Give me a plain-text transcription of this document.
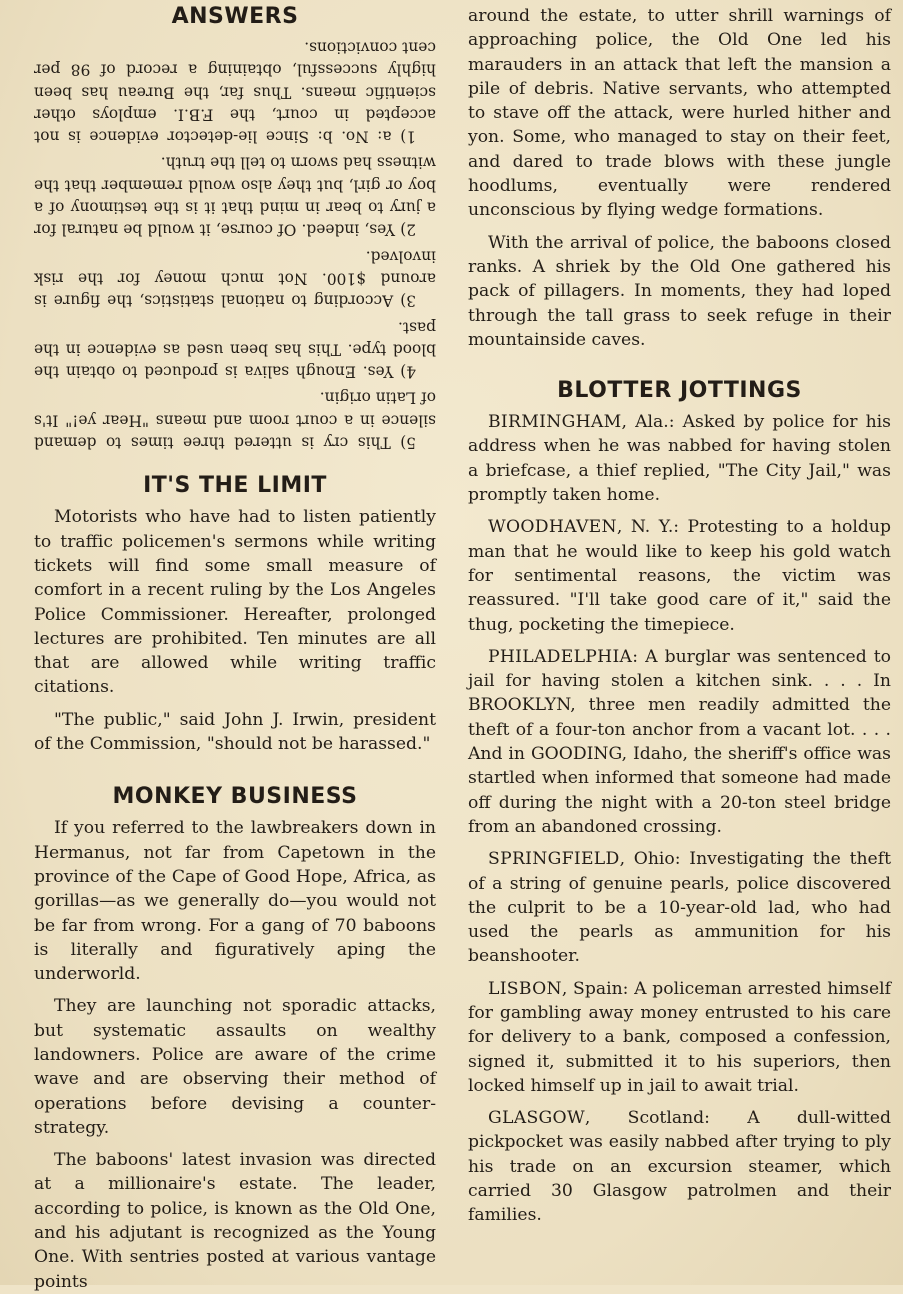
ANSWERS

5) This cry is uttered three times to demand silence in a court room and means "Hear ye!" It's of Latin origin.

4) Yes. Enough saliva is produced to obtain the blood type. This has been used as evidence in the past.

3) According to national statistics, the figure is around $100. Not much money for the risk involved.

2) Yes, indeed. Of course, it would be natural for a jury to bear in mind that it is the testimony of a boy or girl, but they also would remember that the witness had sworn to tell the truth.

1) a: No. b: Since lie-detector evidence is not accepted in court, the F.B.I. employs other scientific means. Thus far, the Bureau has been highly successful, obtaining a record of 98 per cent convictions.

IT'S THE LIMIT

Motorists who have had to listen patiently to traffic policemen's sermons while writing tickets will find some small measure of comfort in a recent ruling by the Los Angeles Police Commissioner. Hereafter, prolonged lectures are prohibited. Ten minutes are all that are allowed while writing traffic citations.

"The public," said John J. Irwin, president of the Commission, "should not be harassed."

MONKEY BUSINESS

If you referred to the lawbreakers down in Hermanus, not far from Capetown in the province of the Cape of Good Hope, Africa, as gorillas—as we generally do—you would not be far from wrong. For a gang of 70 baboons is literally and figuratively aping the underworld.

They are launching not sporadic attacks, but systematic assaults on wealthy landowners. Police are aware of the crime wave and are observing their method of operations before devising a counter-strategy.

The baboons' latest invasion was directed at a millionaire's estate. The leader, according to police, is known as the Old One, and his adjutant is recognized as the Young One. With sentries posted at various vantage points

around the estate, to utter shrill warnings of approaching police, the Old One led his marauders in an attack that left the mansion a pile of debris. Native servants, who attempted to stave off the attack, were hurled hither and yon. Some, who managed to stay on their feet, and dared to trade blows with these jungle hoodlums, eventually were rendered unconscious by flying wedge formations.

With the arrival of police, the baboons closed ranks. A shriek by the Old One gathered his pack of pillagers. In moments, they had loped through the tall grass to seek refuge in their mountainside caves.

BLOTTER JOTTINGS

BIRMINGHAM, Ala.: Asked by police for his address when he was nabbed for having stolen a briefcase, a thief replied, "The City Jail," was promptly taken home.

WOODHAVEN, N. Y.: Protesting to a holdup man that he would like to keep his gold watch for sentimental reasons, the victim was reassured. "I'll take good care of it," said the thug, pocketing the timepiece.

PHILADELPHIA: A burglar was sentenced to jail for having stolen a kitchen sink. . . . In BROOKLYN, three men readily admitted the theft of a four-ton anchor from a vacant lot. . . . And in GOODING, Idaho, the sheriff's office was startled when informed that someone had made off during the night with a 20-ton steel bridge from an abandoned crossing.

SPRINGFIELD, Ohio: Investigating the theft of a string of genuine pearls, police discovered the culprit to be a 10-year-old lad, who had used the pearls as ammunition for his beanshooter.

LISBON, Spain: A policeman arrested himself for gambling away money entrusted to his care for delivery to a bank, composed a confession, signed it, submitted it to his superiors, then locked himself up in jail to await trial.

GLASGOW, Scotland: A dull-witted pickpocket was easily nabbed after trying to ply his trade on an excursion steamer, which carried 30 Glasgow patrolmen and their families.
